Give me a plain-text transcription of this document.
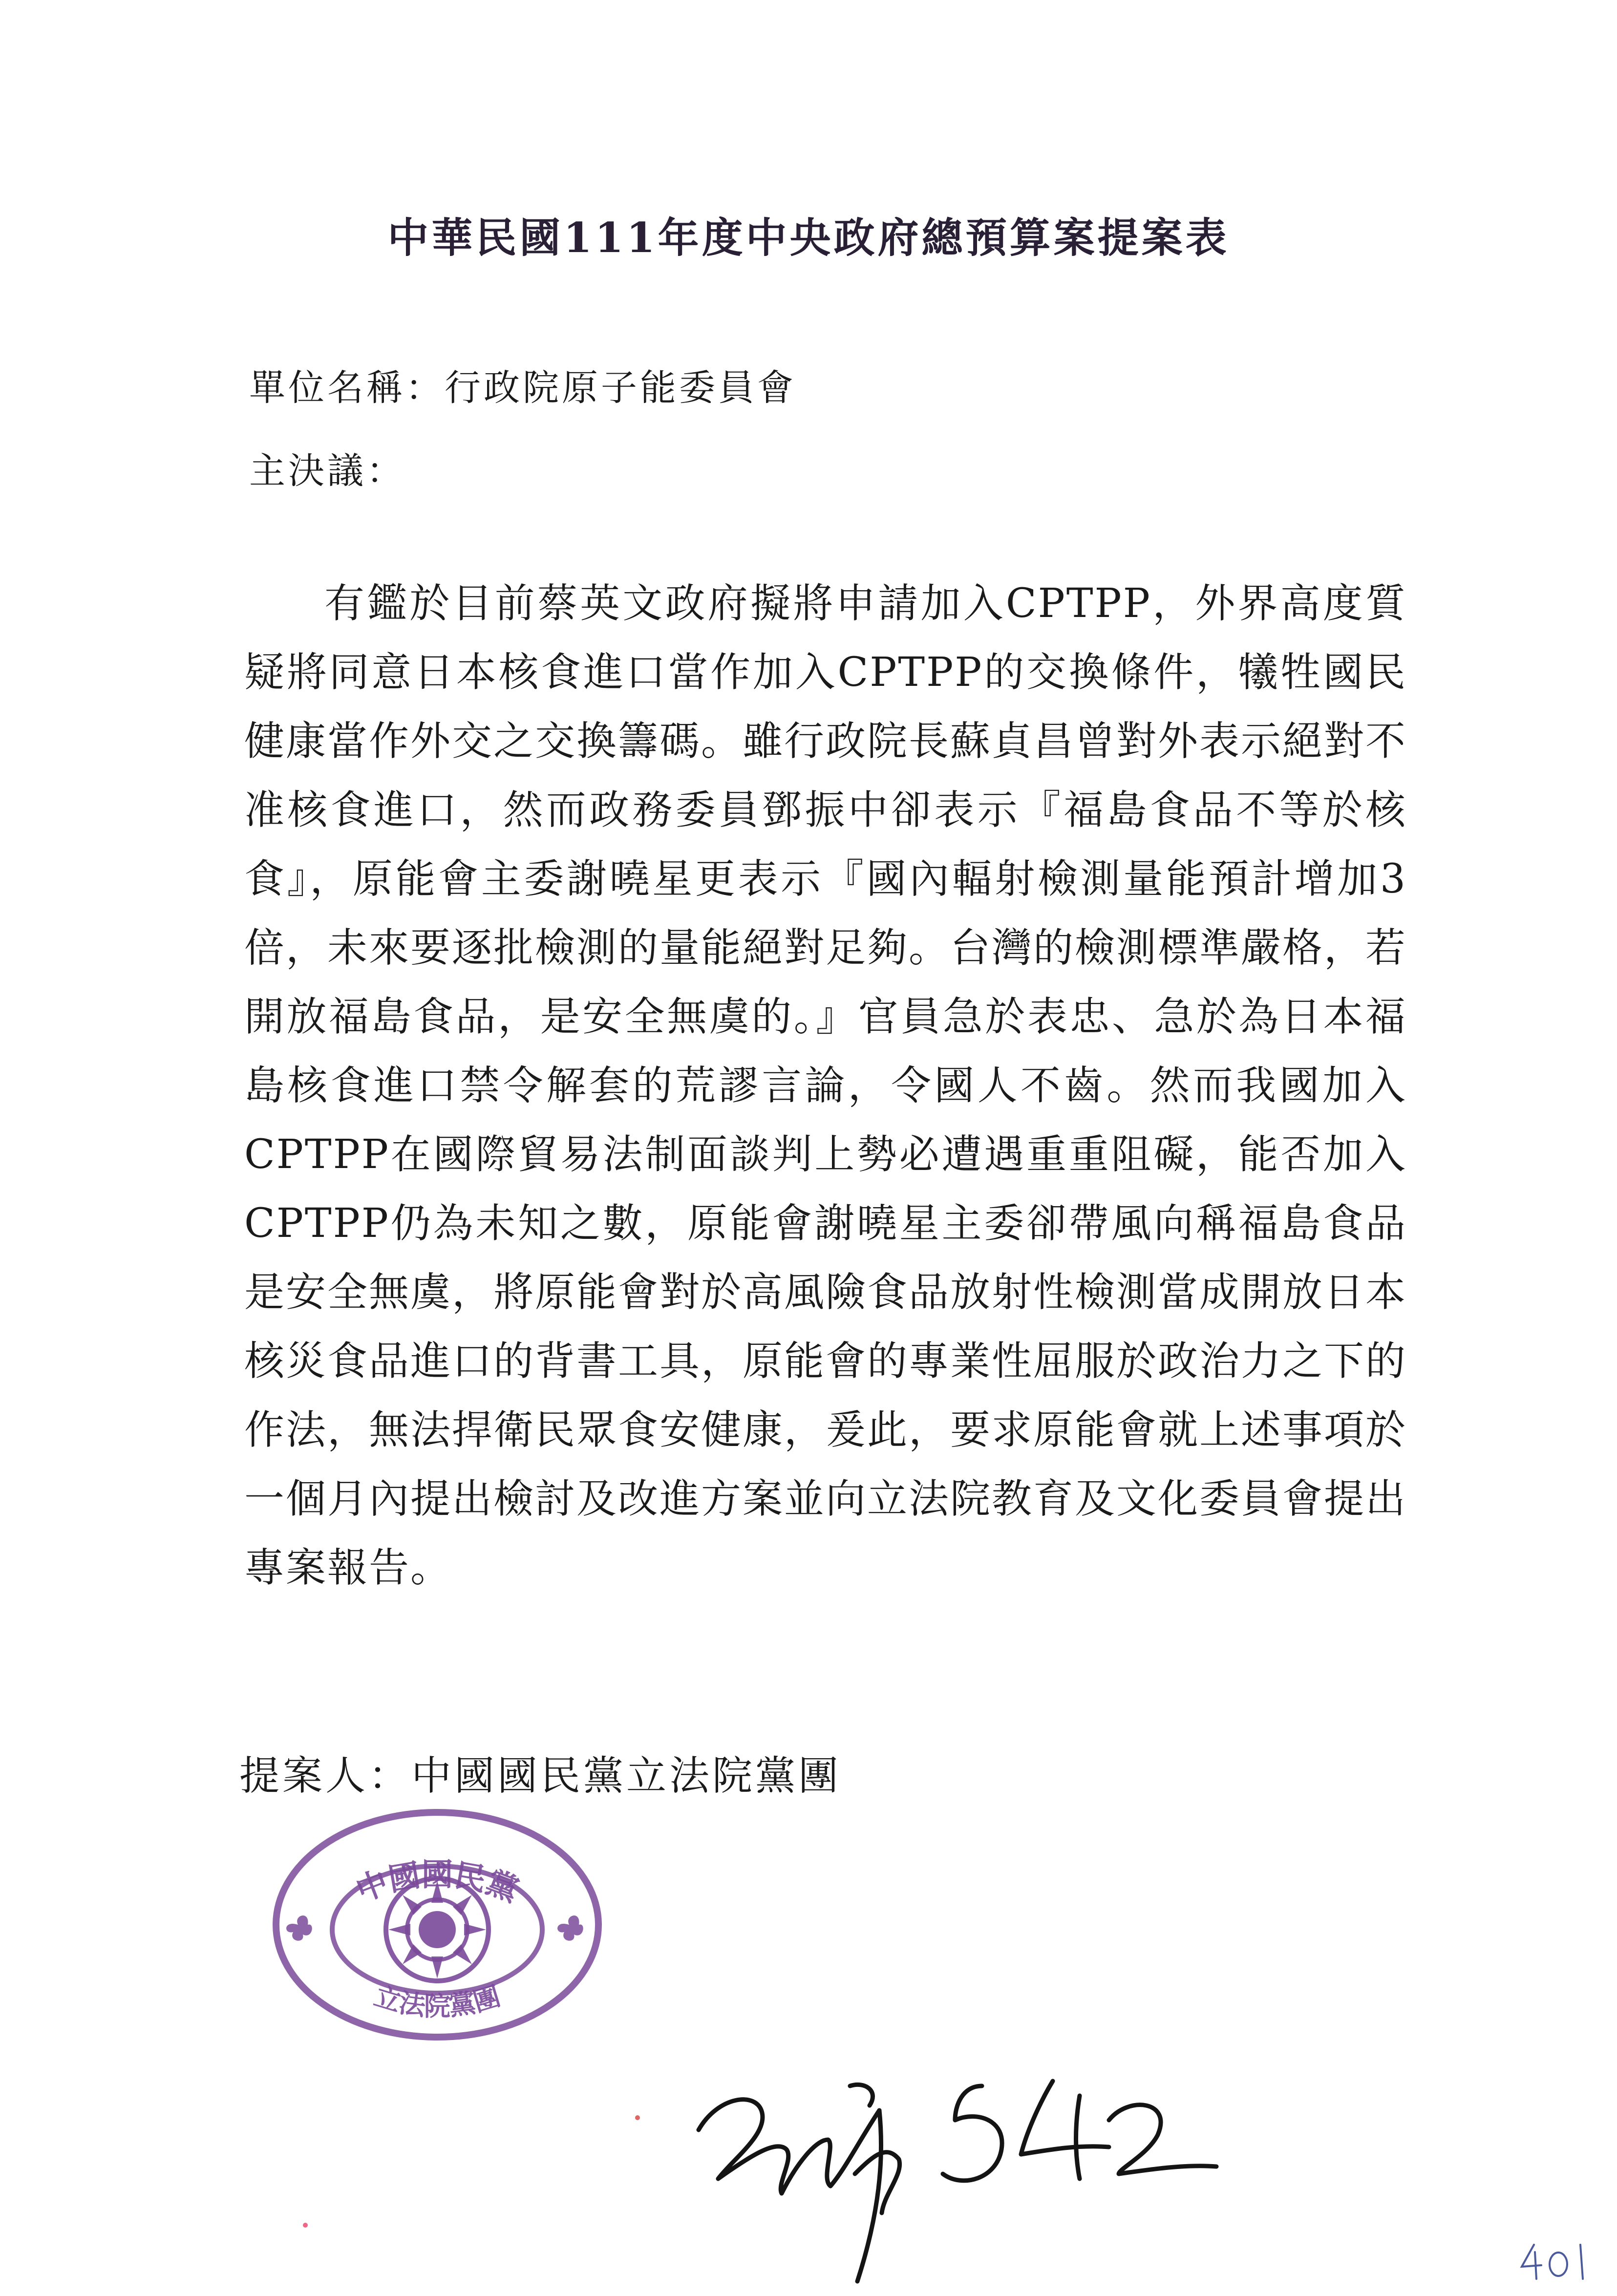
中華民國111年度中央政府總預算案提案表
單位名稱：行政院原子能委員會
主決議：
有鑑於目前蔡英文政府擬將申請加入CPTPP，外界高度質疑將同意日本核食進口當作加入CPTPP的交換條件，犧牲國民健康當作外交之交換籌碼。雖行政院長蘇貞昌曾對外表示絕對不准核食進口，然而政務委員鄧振中卻表示『福島食品不等於核食』，原能會主委謝曉星更表示『國內輻射檢測量能預計增加3倍，未來要逐批檢測的量能絕對足夠。台灣的檢測標準嚴格，若開放福島食品，是安全無虞的。』官員急於表忠、急於為日本福島核食進口禁令解套的荒謬言論，令國人不齒。然而我國加入CPTPP在國際貿易法制面談判上勢必遭遇重重阻礙，能否加入CPTPP仍為未知之數，原能會謝曉星主委卻帶風向稱福島食品是安全無虞，將原能會對於高風險食品放射性檢測當成開放日本核災食品進口的背書工具，原能會的專業性屈服於政治力之下的作法，無法捍衛民眾食安健康，爰此，要求原能會就上述事項於一個月內提出檢討及改進方案並向立法院教育及文化委員會提出專案報告。
提案人：中國國民黨立法院黨團
中國國民黨
立法院黨團
